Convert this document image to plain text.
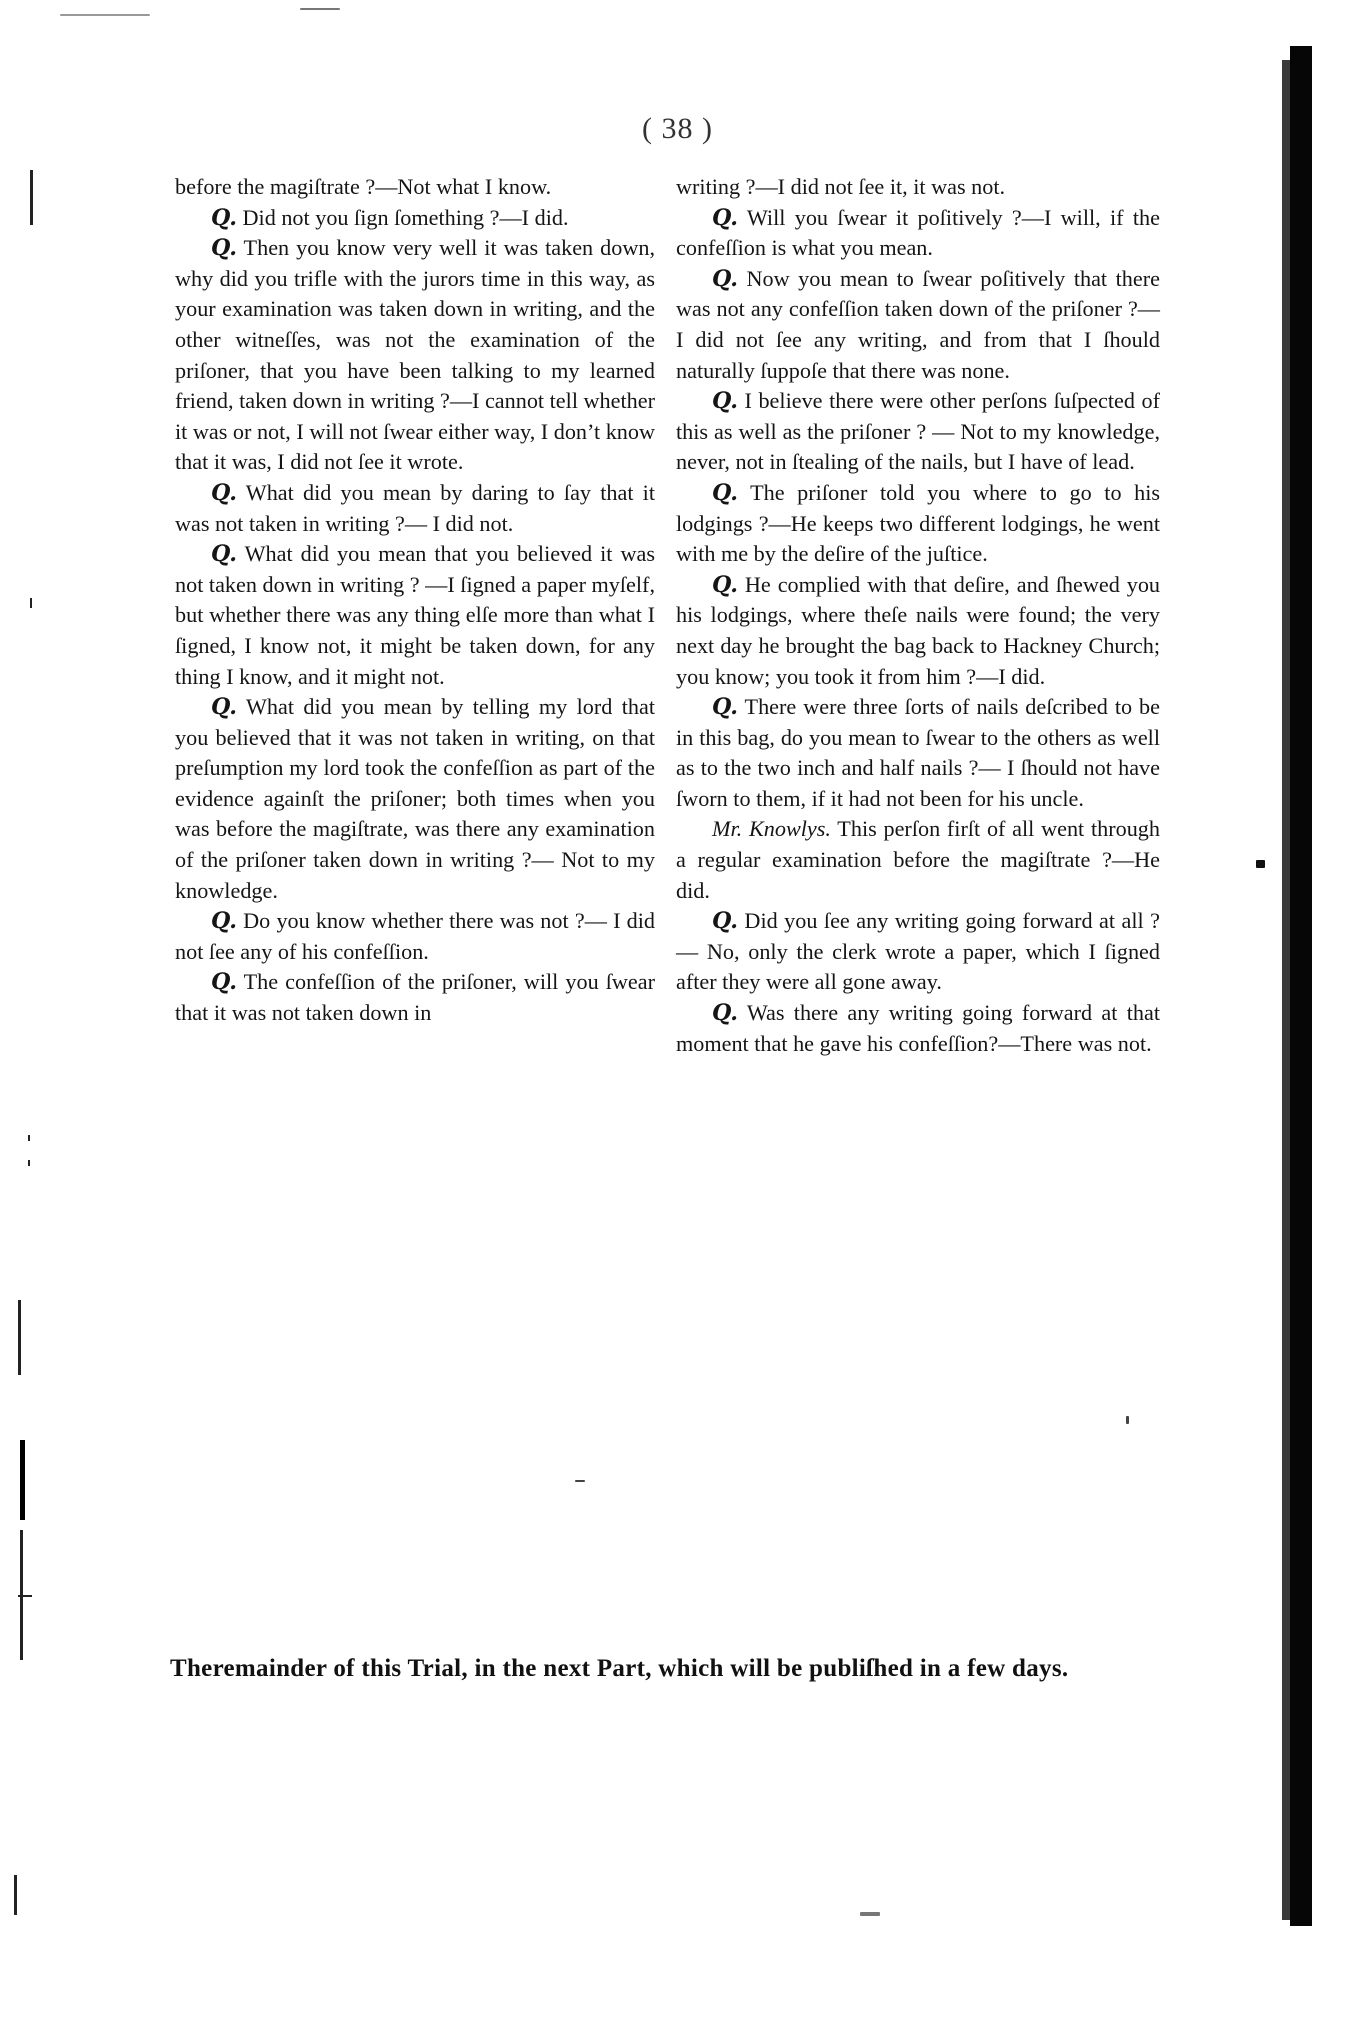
( 38 )

before the magiſtrate ?—Not what I know.

Q. Did not you ſign ſomething ?—I did.

Q. Then you know very well it was taken down, why did you trifle with the jurors time in this way, as your examination was taken down in writing, and the other witneſſes, was not the examination of the priſoner, that you have been talking to my learned friend, taken down in writing ?—I cannot tell whether it was or not, I will not ſwear either way, I don’t know that it was, I did not ſee it wrote.

Q. What did you mean by daring to ſay that it was not taken in writing ?— I did not.

Q. What did you mean that you believed it was not taken down in writing ? —I ſigned a paper myſelf, but whether there was any thing elſe more than what I ſigned, I know not, it might be taken down, for any thing I know, and it might not.

Q. What did you mean by telling my lord that you believed that it was not taken in writing, on that preſumption my lord took the confeſſion as part of the evidence againſt the priſoner; both times when you was before the magiſtrate, was there any examination of the priſoner taken down in writing ?— Not to my knowledge.

Q. Do you know whether there was not ?— I did not ſee any of his confeſſion.

Q. The confeſſion of the priſoner, will you ſwear that it was not taken down in

writing ?—I did not ſee it, it was not.

Q. Will you ſwear it poſitively ?—I will, if the confeſſion is what you mean.

Q. Now you mean to ſwear poſitively that there was not any confeſſion taken down of the priſoner ?—I did not ſee any writing, and from that I ſhould naturally ſuppoſe that there was none.

Q. I believe there were other perſons ſuſpected of this as well as the priſoner ? — Not to my knowledge, never, not in ſtealing of the nails, but I have of lead.

Q. The priſoner told you where to go to his lodgings ?—He keeps two different lodgings, he went with me by the deſire of the juſtice.

Q. He complied with that deſire, and ſhewed you his lodgings, where theſe nails were found; the very next day he brought the bag back to Hackney Church; you know; you took it from him ?—I did.

Q. There were three ſorts of nails deſcribed to be in this bag, do you mean to ſwear to the others as well as to the two inch and half nails ?— I ſhould not have ſworn to them, if it had not been for his uncle.

Mr. Knowlys. This perſon firſt of all went through a regular examination before the magiſtrate ?—He did.

Q. Did you ſee any writing going forward at all ?— No, only the clerk wrote a paper, which I ſigned after they were all gone away.

Q. Was there any writing going forward at that moment that he gave his confeſſion?—There was not.

Theremainder of this Trial, in the next Part, which will be publiſhed in a few days.
